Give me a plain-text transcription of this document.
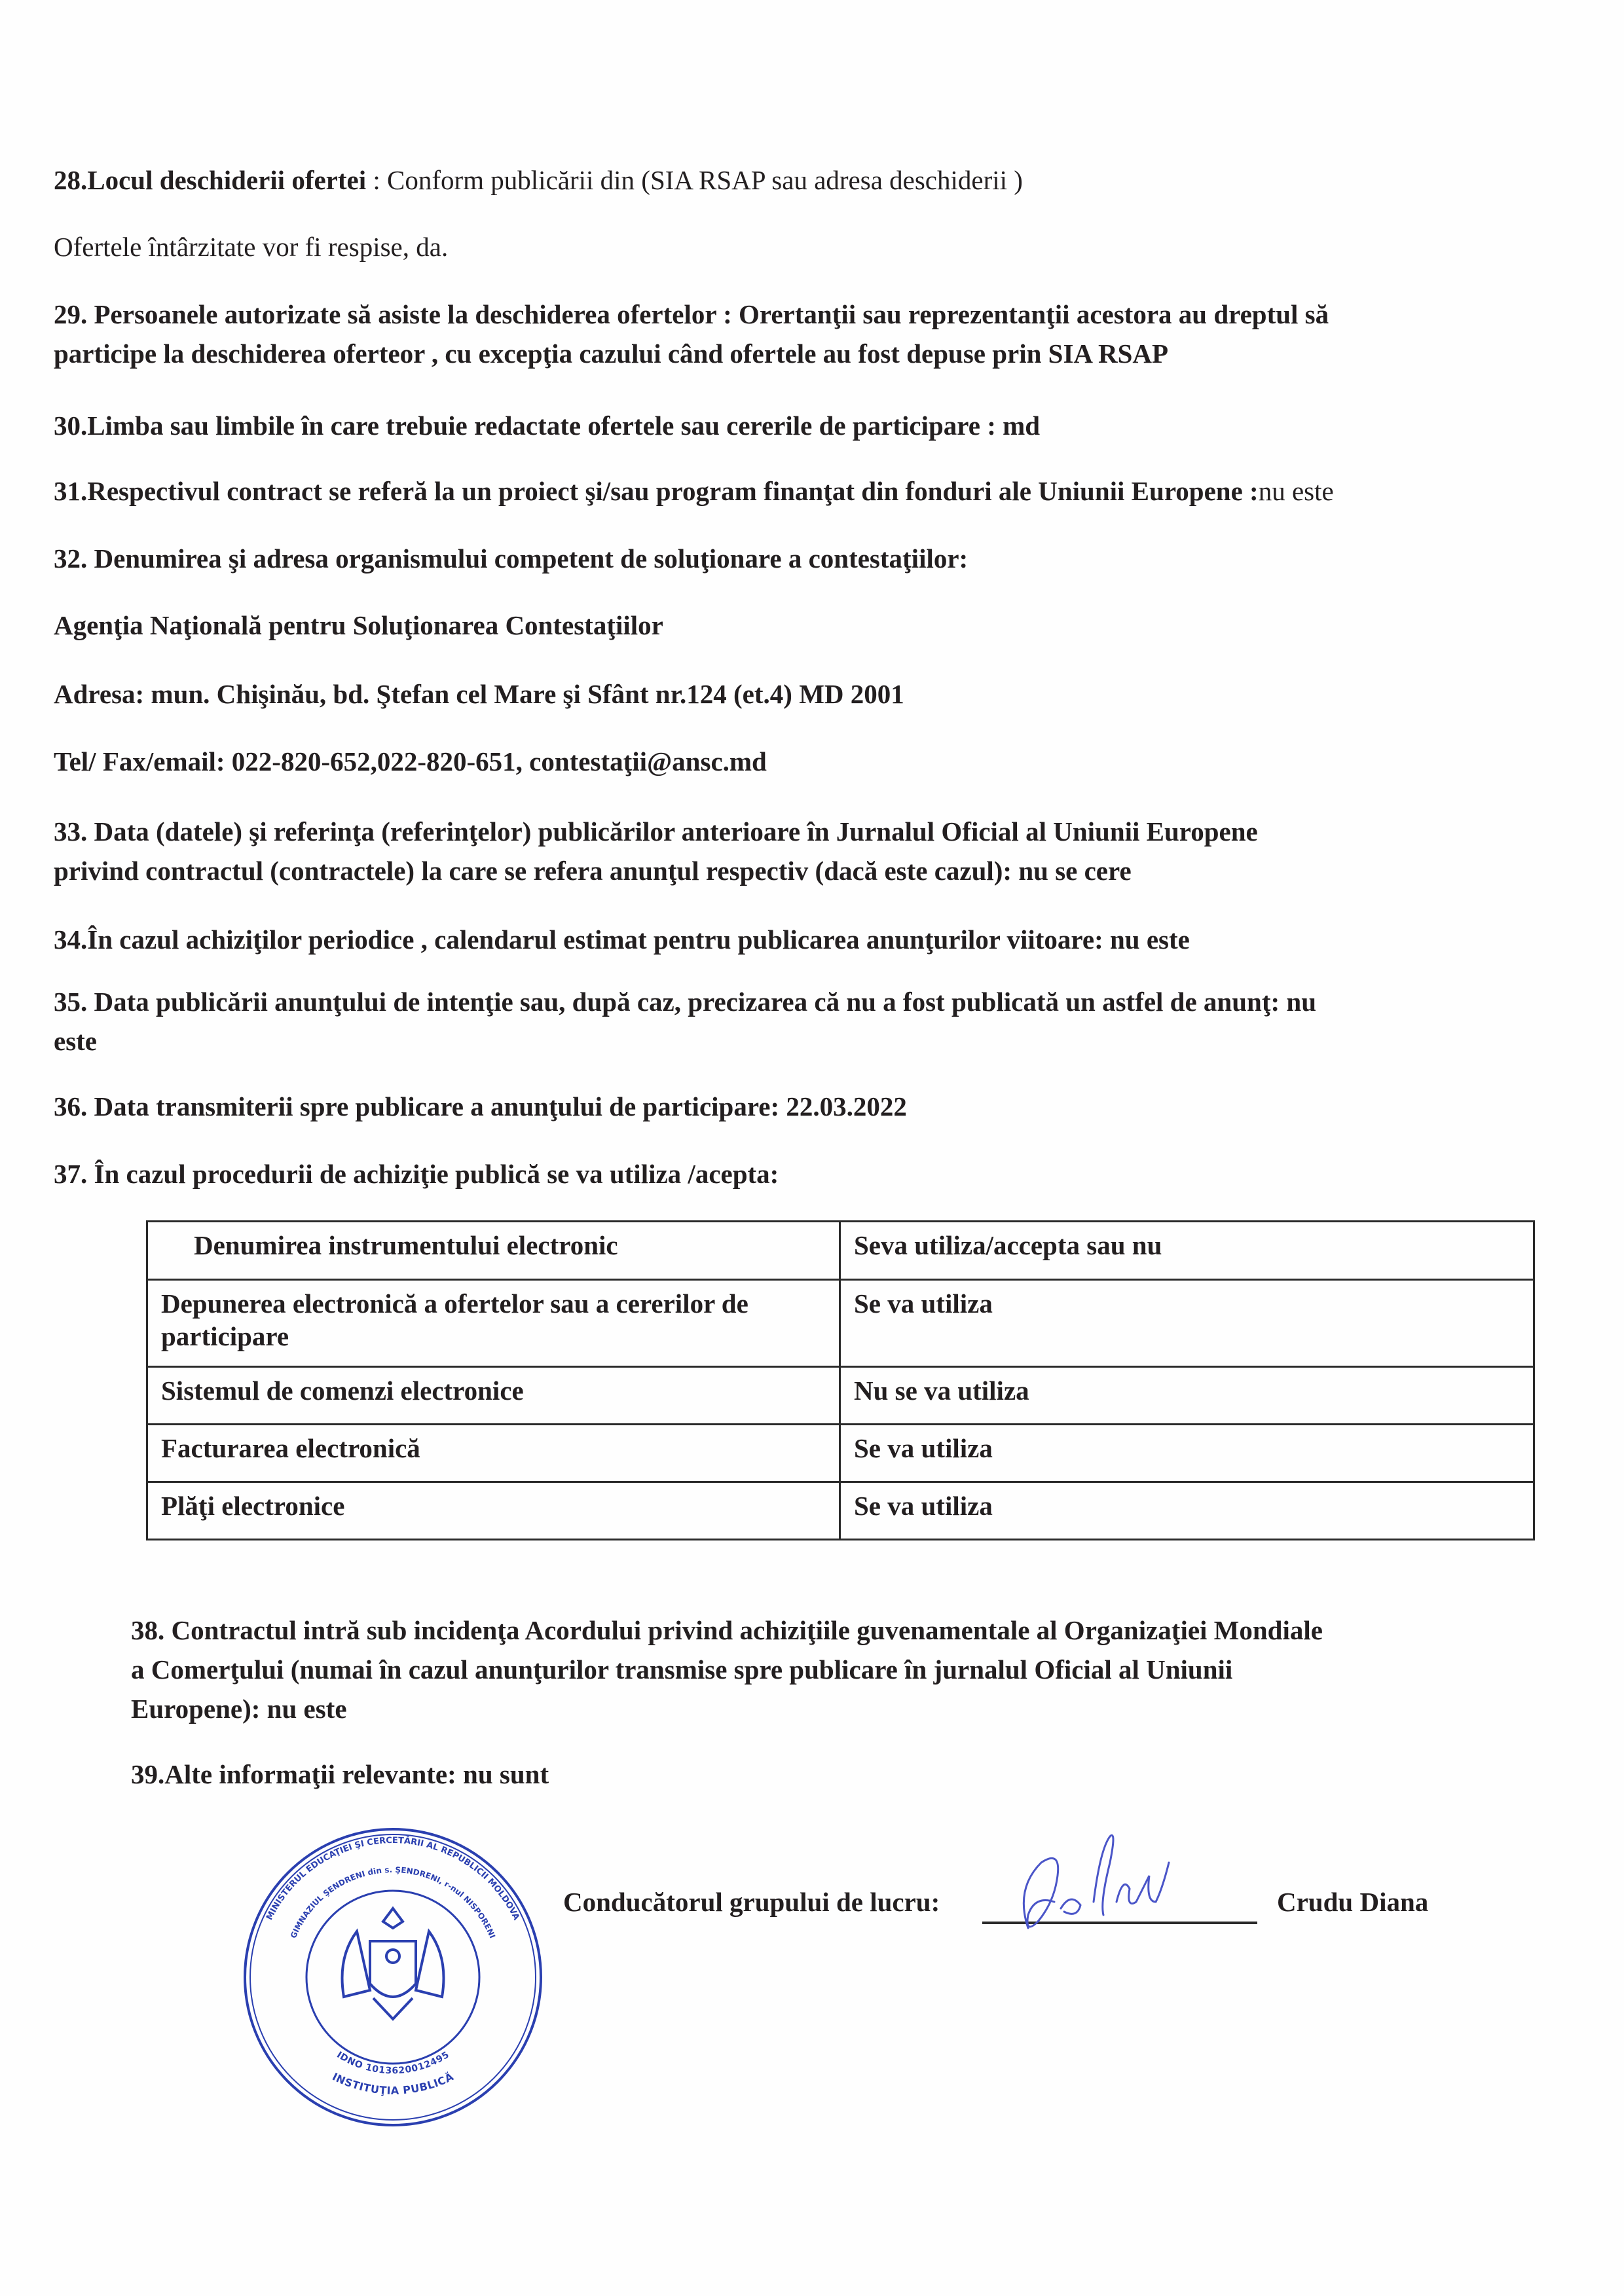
28.Locul deschiderii ofertei : Conform publicării din (SIA RSAP sau adresa deschiderii )
Ofertele întârzitate vor fi respise, da.
29. Persoanele autorizate să asiste la deschiderea ofertelor : Orertanţii sau reprezentanţii acestora au dreptul să
participe la deschiderea oferteor , cu excepţia cazului când ofertele au fost depuse prin SIA RSAP
30.Limba sau limbile în care trebuie redactate ofertele sau cererile de participare : md
31.Respectivul contract se referă la un proiect şi/sau program finanţat din fonduri ale Uniunii Europene :nu este
32. Denumirea şi adresa organismului competent de soluţionare a contestaţiilor:
Agenţia Naţională pentru Soluţionarea Contestaţiilor
Adresa: mun. Chişinău, bd. Ştefan cel Mare şi Sfânt nr.124 (et.4) MD 2001
Tel/ Fax/email: 022-820-652,022-820-651, contestaţii@ansc.md
33. Data (datele) şi referinţa (referinţelor) publicărilor anterioare în Jurnalul Oficial al Uniunii Europene
privind contractul (contractele) la care se refera anunţul respectiv (dacă este cazul): nu se cere
34.În cazul achiziţilor periodice , calendarul estimat pentru publicarea anunţurilor viitoare: nu este
35. Data publicării anunţului de intenţie sau, după caz, precizarea că nu a fost publicată un astfel de anunţ: nu
este
36. Data transmiterii spre publicare a anunţului de participare: 22.03.2022
37. În cazul procedurii de achiziţie publică se va utiliza /acepta:
Denumirea instrumentului electronic	Seva utiliza/accepta sau nu
Depunerea electronică a ofertelor sau a cererilor de participare	Se va utiliza
Sistemul de comenzi electronice	Nu se va utiliza
Facturarea electronică	Se va utiliza
Plăţi electronice	Se va utiliza
38. Contractul intră sub incidenţa Acordului privind achiziţiile guvenamentale al Organizaţiei Mondiale
a Comerţului (numai în cazul anunţurilor transmise spre publicare în jurnalul Oficial al Uniunii
Europene): nu este
39.Alte informaţii relevante: nu sunt
MINISTERUL EDUCAŢIEI ŞI CERCETĂRII AL REPUBLICII MOLDOVA
GIMNAZIUL ŞENDRENI din s. ŞENDRENI, r-nul NISPORENI
INSTITUŢIA PUBLICĂ
IDNO 1013620012495
Conducătorul grupului de lucru:	Crudu Diana
